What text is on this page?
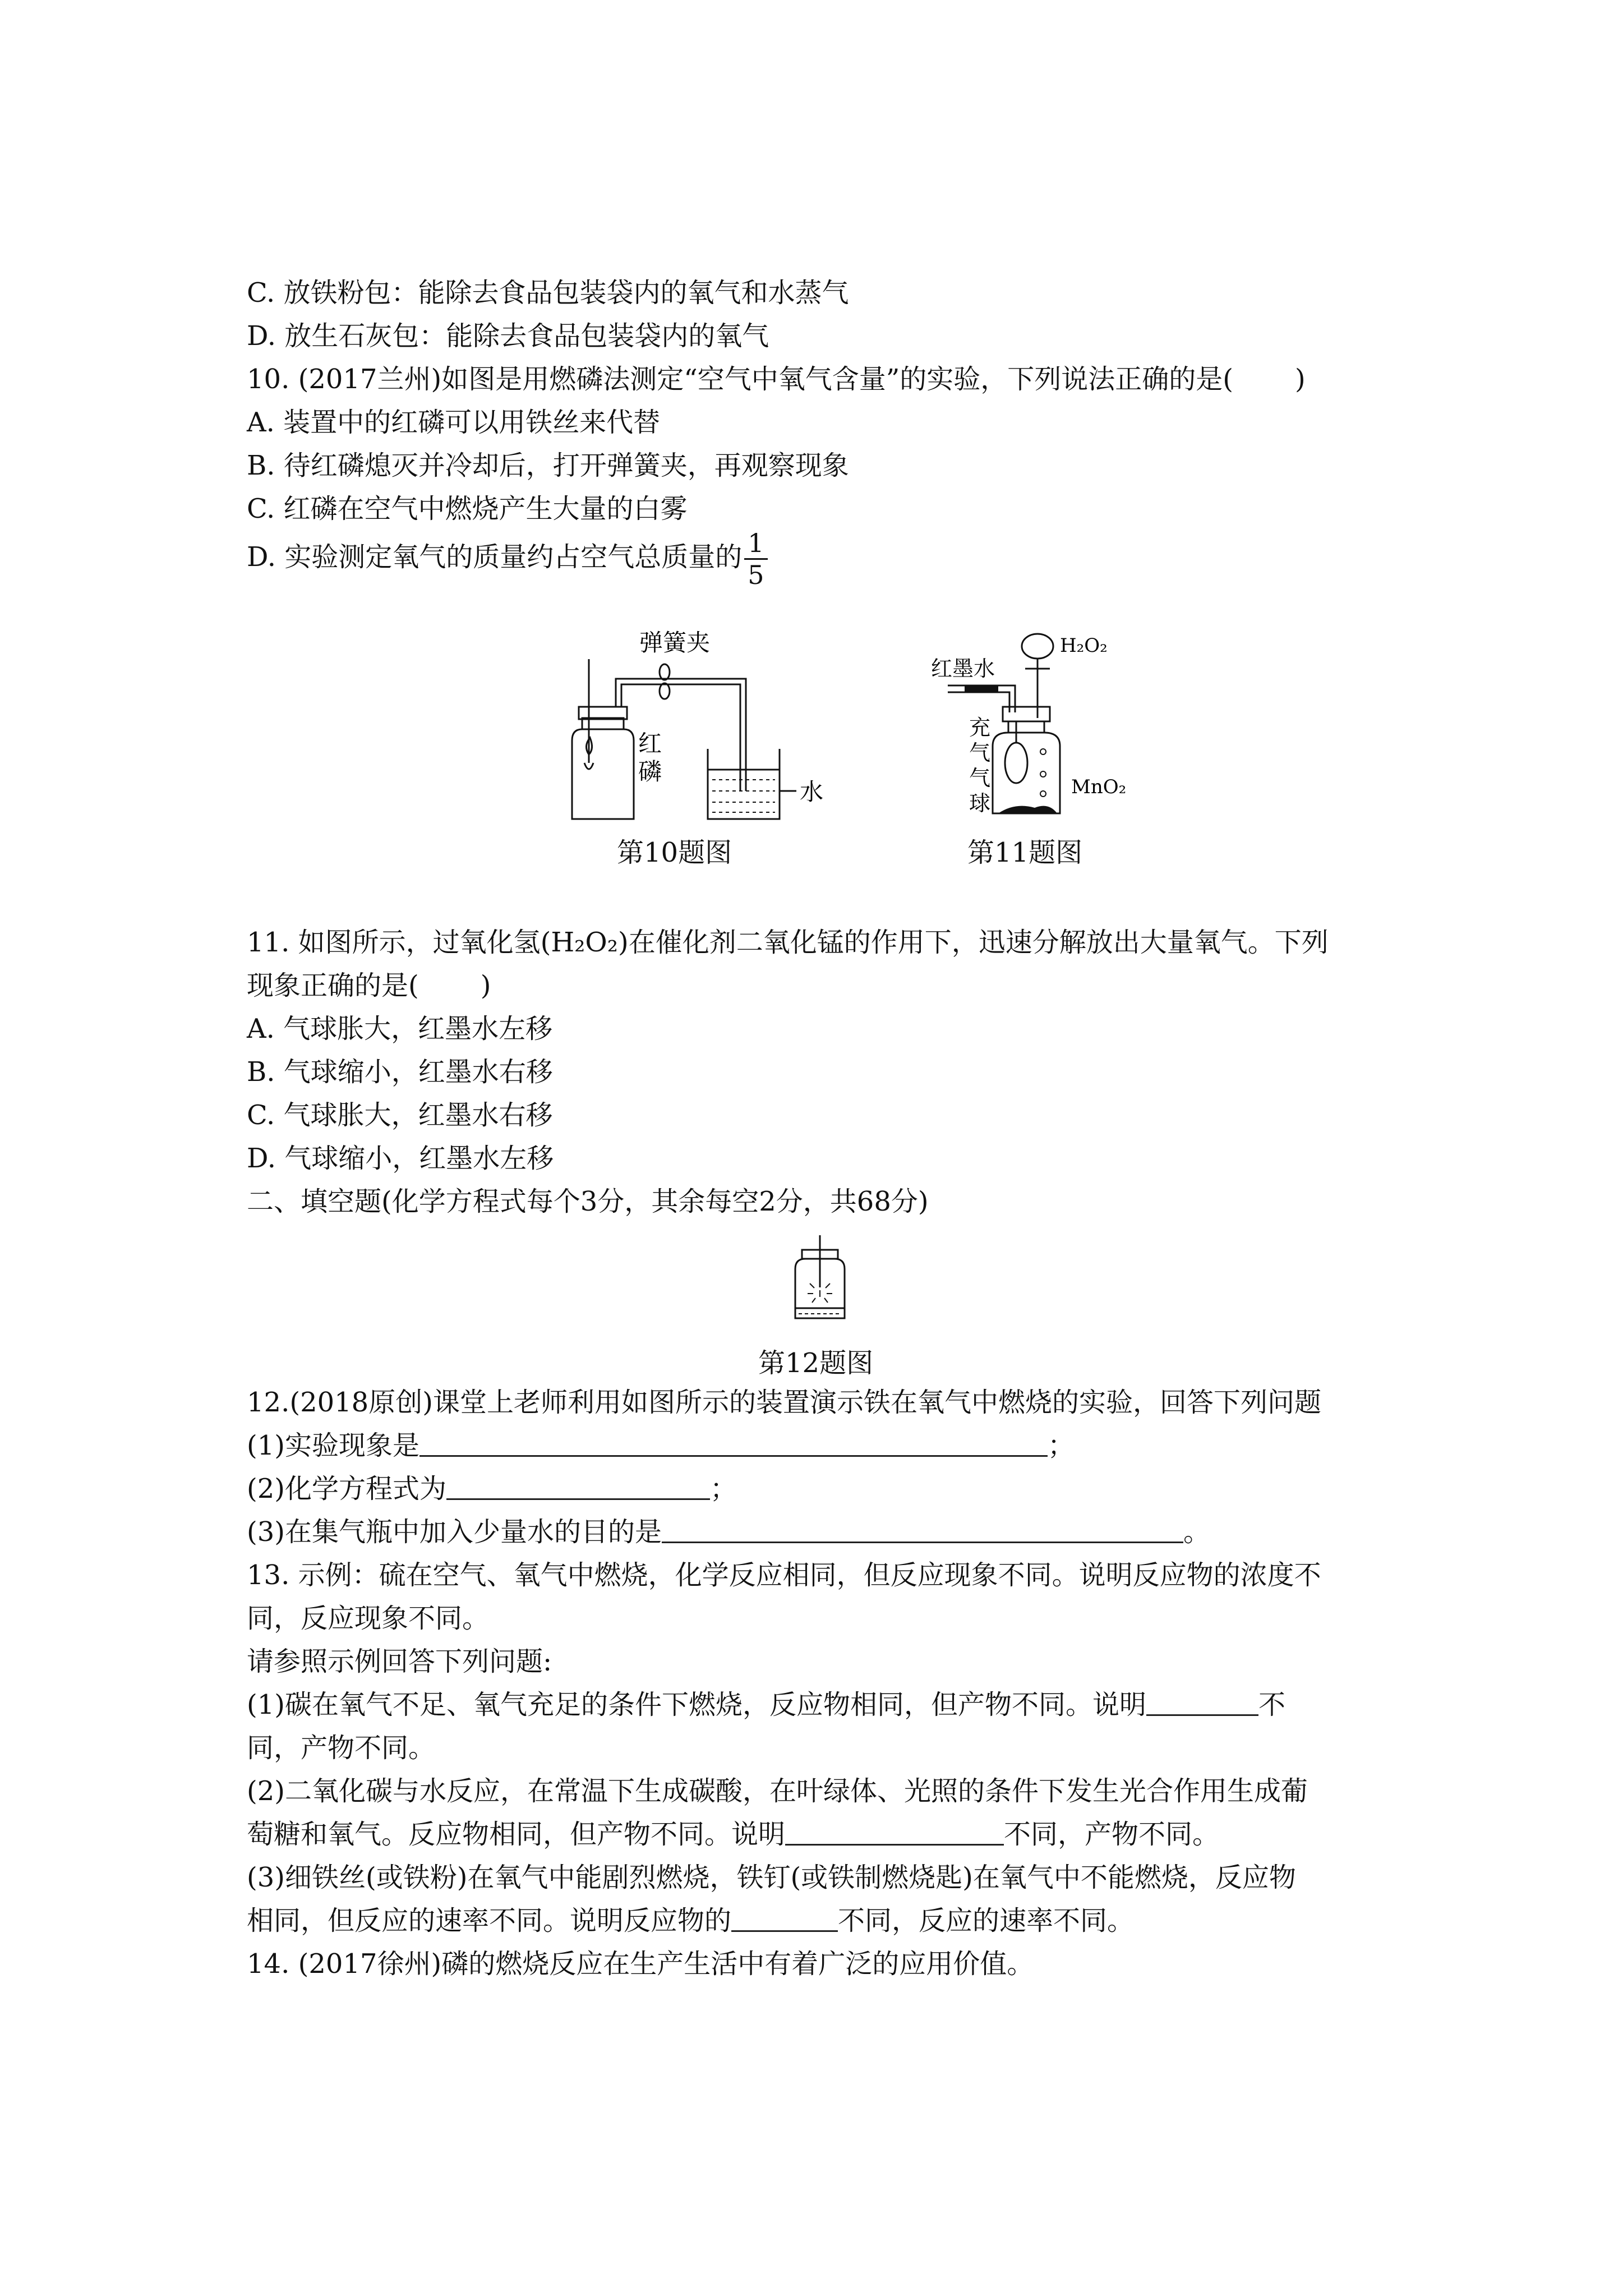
C. 放铁粉包：能除去食品包装袋内的氧气和水蒸气
D. 放生石灰包：能除去食品包装袋内的氧气
10. (2017兰州)如图是用燃磷法测定“空气中氧气含量”的实验，下列说法正确的是( )
A. 装置中的红磷可以用铁丝来代替
B. 待红磷熄灭并冷却后，打开弹簧夹，再观察现象
C. 红磷在空气中燃烧产生大量的白雾
D. 实验测定氧气的质量约占空气总质量的 $\frac{1}{5}$
弹簧夹
红
磷
水
第10题图
H₂O₂
红墨水
充
气
气
球
MnO₂
第11题图
11. 如图所示，过氧化氢(H₂O₂)在催化剂二氧化锰的作用下，迅速分解放出大量氧气。下列
现象正确的是( )
A. 气球胀大，红墨水左移
B. 气球缩小，红墨水右移
C. 气球胀大，红墨水右移
D. 气球缩小，红墨水左移
二、填空题(化学方程式每个3分，其余每空2分，共68分)
第12题图
12.(2018原创)课堂上老师利用如图所示的装置演示铁在氧气中燃烧的实验，回答下列问题
(1)实验现象是	；
(2)化学方程式为	；
(3)在集气瓶中加入少量水的目的是	。
13. 示例：硫在空气、氧气中燃烧，化学反应相同，但反应现象不同。说明反应物的浓度不
同，反应现象不同。
请参照示例回答下列问题:
(1)碳在氧气不足、氧气充足的条件下燃烧，反应物相同，但产物不同。说明	不
同，产物不同。
(2)二氧化碳与水反应，在常温下生成碳酸，在叶绿体、光照的条件下发生光合作用生成葡
萄糖和氧气。反应物相同，但产物不同。说明	不同，产物不同。
(3)细铁丝(或铁粉)在氧气中能剧烈燃烧，铁钉(或铁制燃烧匙)在氧气中不能燃烧，反应物
相同，但反应的速率不同。说明反应物的	不同，反应的速率不同。
14. (2017徐州)磷的燃烧反应在生产生活中有着广泛的应用价值。
